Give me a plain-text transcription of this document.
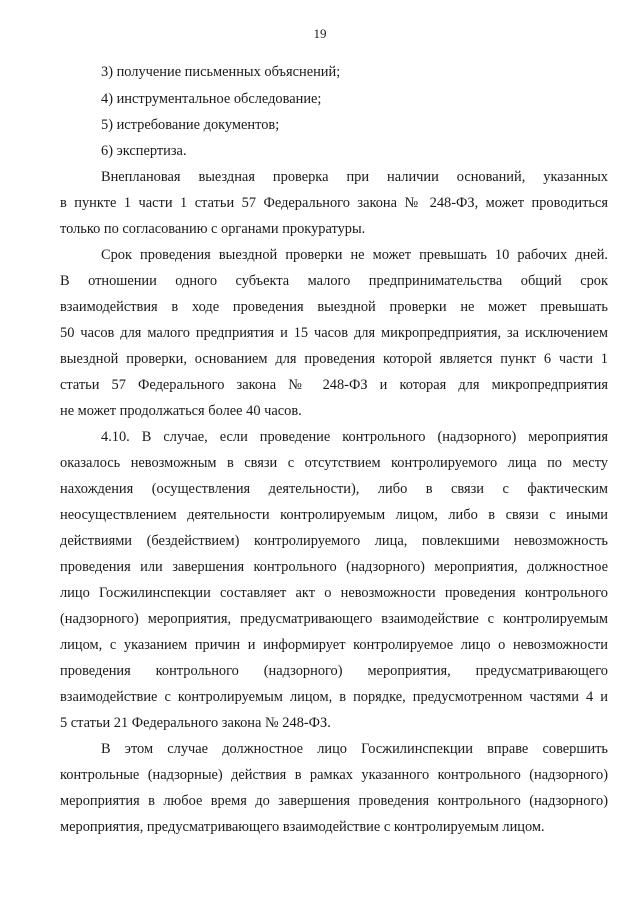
19
3) получение письменных объяснений;
4) инструментальное обследование;
5) истребование документов;
6) экспертиза.
Внеплановая выездная проверка при наличии оснований, указанных
в пункте 1 части 1 статьи 57 Федерального закона № 248-ФЗ, может проводиться
только по согласованию с органами прокуратуры.
Срок проведения выездной проверки не может превышать 10 рабочих дней.
В отношении одного субъекта малого предпринимательства общий срок
взаимодействия в ходе проведения выездной проверки не может превышать
50 часов для малого предприятия и 15 часов для микропредприятия, за исключением
выездной проверки, основанием для проведения которой является пункт 6 части 1
статьи 57 Федерального закона № 248-ФЗ и которая для микропредприятия
не может продолжаться более 40 часов.
4.10. В случае, если проведение контрольного (надзорного) мероприятия
оказалось невозможным в связи с отсутствием контролируемого лица по месту
нахождения (осуществления деятельности), либо в связи с фактическим
неосуществлением деятельности контролируемым лицом, либо в связи с иными
действиями (бездействием) контролируемого лица, повлекшими невозможность
проведения или завершения контрольного (надзорного) мероприятия, должностное
лицо Госжилинспекции составляет акт о невозможности проведения контрольного
(надзорного) мероприятия, предусматривающего взаимодействие с контролируемым
лицом, с указанием причин и информирует контролируемое лицо о невозможности
проведения контрольного (надзорного) мероприятия, предусматривающего
взаимодействие с контролируемым лицом, в порядке, предусмотренном частями 4 и
5 статьи 21 Федерального закона № 248-ФЗ.
В этом случае должностное лицо Госжилинспекции вправе совершить
контрольные (надзорные) действия в рамках указанного контрольного (надзорного)
мероприятия в любое время до завершения проведения контрольного (надзорного)
мероприятия, предусматривающего взаимодействие с контролируемым лицом.
